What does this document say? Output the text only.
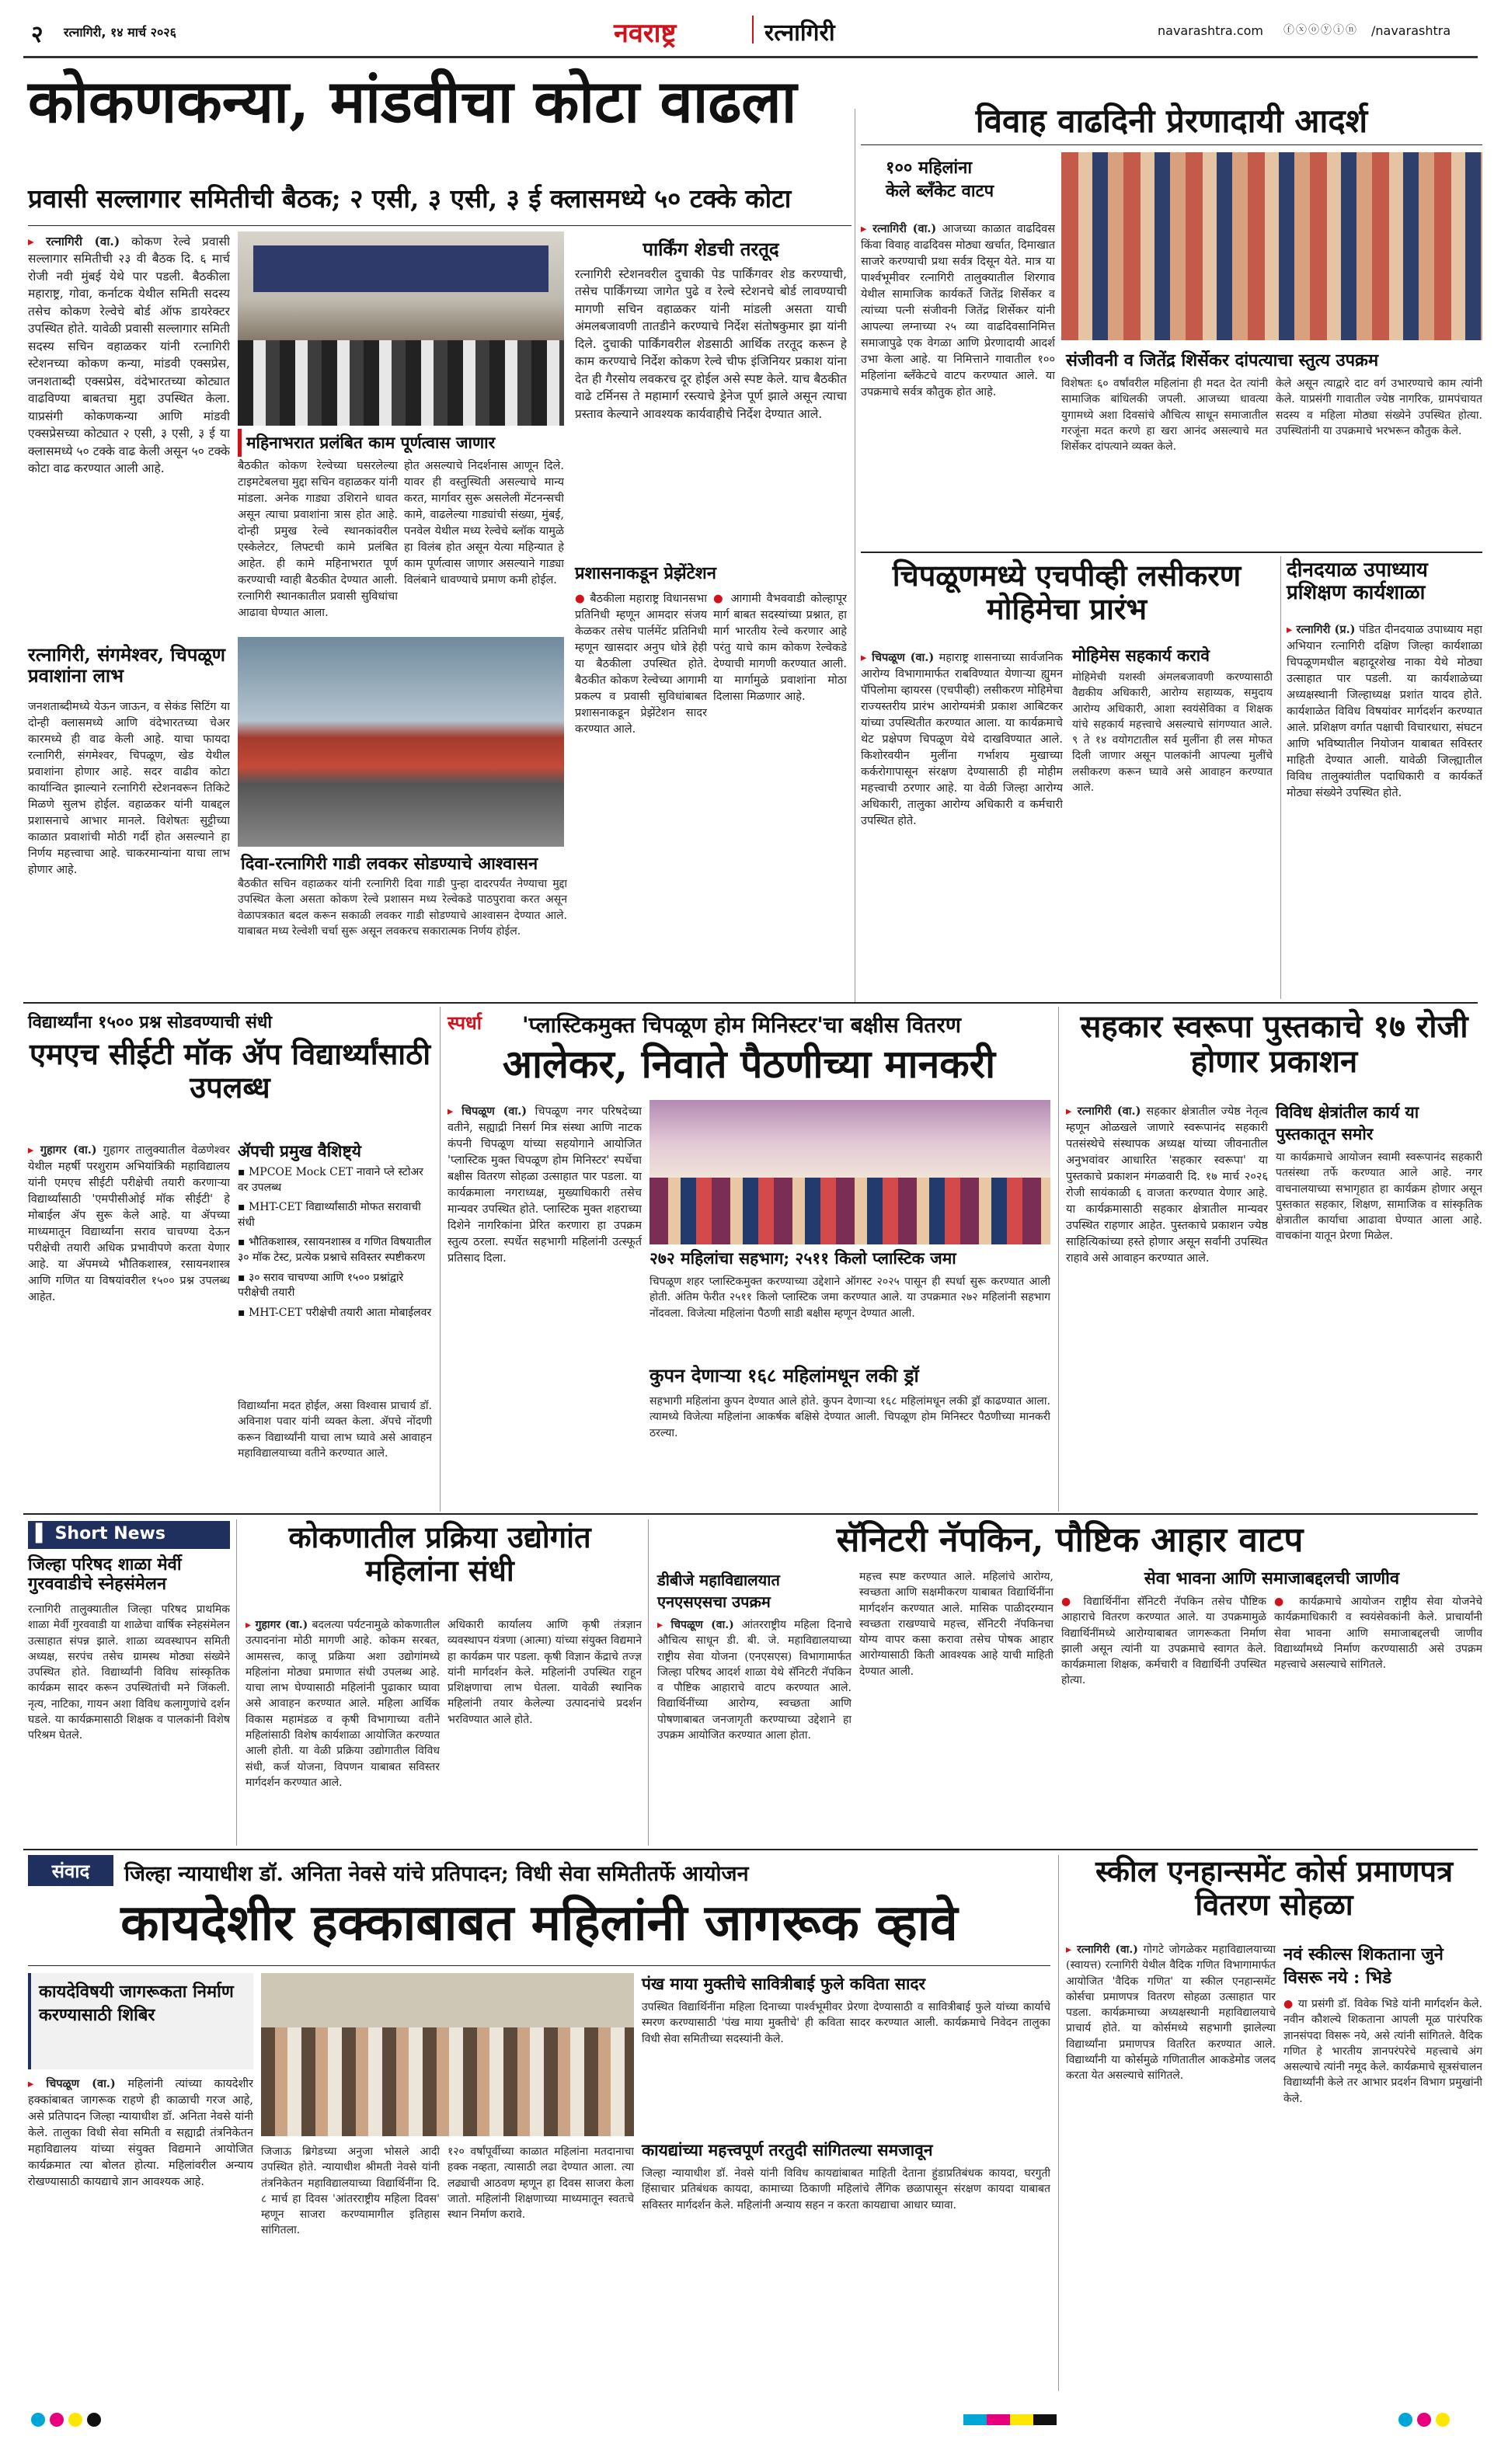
२ रत्नागिरी, १४ मार्च २०२६	नवराष्ट्र	रत्नागिरी	navarashtra.com ⓕⓧⓞⓨⓘⓝ /navarashtra
कोकणकन्या, मांडवीचा कोटा वाढला
प्रवासी सल्लागार समितीची बैठक; २ एसी, ३ एसी, ३ ई क्लासमध्ये ५० टक्के कोटा
▸ रत्नागिरी (वा.) कोकण रेल्वे प्रवासी सल्लागार समितीची २३ वी बैठक दि. ६ मार्च रोजी नवी मुंबई येथे पार पडली. बैठकीला महाराष्ट्र, गोवा, कर्नाटक येथील समिती सदस्य तसेच कोकण रेल्वेचे बोर्ड ऑफ डायरेक्टर उपस्थित होते. यावेळी प्रवासी सल्लागार समिती सदस्य सचिन वहाळकर यांनी रत्नागिरी स्टेशनच्या कोकण कन्या, मांडवी एक्सप्रेस, जनशताब्दी एक्सप्रेस, वंदेभारतच्या कोट्यात वाढविण्या बाबतचा मुद्दा उपस्थित केला. याप्रसंगी कोकणकन्या आणि मांडवी एक्सप्रेसच्या कोट्यात २ एसी, ३ एसी, ३ ई या क्लासमध्ये ५० टक्के वाढ केली असून ५० टक्के कोटा वाढ करण्यात आली आहे.
महिनाभरात प्रलंबित काम पूर्णत्वास जाणार
बैठकीत कोकण रेल्वेच्या घसरलेल्या टाइमटेबलचा मुद्दा सचिन वहाळकर यांनी मांडला. अनेक गाड्या उशिराने धावत असून त्याचा प्रवाशांना त्रास होत आहे. दोन्ही प्रमुख रेल्वे स्थानकांवरील एस्केलेटर, लिफ्टची कामे प्रलंबित आहेत. ही कामे महिनाभरात पूर्ण करण्याची ग्वाही बैठकीत देण्यात आली. रत्नागिरी स्थानकातील प्रवासी सुविधांचा आढावा घेण्यात आला.
होत असल्याचे निदर्शनास आणून दिले. यावर ही वस्तुस्थिती असल्याचे मान्य करत, मार्गावर सुरू असलेली मेंटनन्सची कामे, वाढलेल्या गाड्यांची संख्या, मुंबई, पनवेल येथील मध्य रेल्वेचे ब्लॉक यामुळे हा विलंब होत असून येत्या महिन्यात हे काम पूर्णत्वास जाणार असल्याने गाड्या विलंबाने धावण्याचे प्रमाण कमी होईल.
पार्किंग शेडची तरतूद
रत्नागिरी स्टेशनवरील दुचाकी पेड पार्किंगवर शेड करण्याची, तसेच पार्किंगच्या जागेत पुढे व रेल्वे स्टेशनचे बोर्ड लावण्याची मागणी सचिन वहाळकर यांनी मांडली असता याची अंमलबजावणी तातडीने करण्याचे निर्देश संतोषकुमार झा यांनी दिले. दुचाकी पार्किंगवरील शेडसाठी आर्थिक तरतूद करून हे काम करण्याचे निर्देश कोकण रेल्वे चीफ इंजिनियर प्रकाश यांना देत ही गैरसोय लवकरच दूर होईल असे स्पष्ट केले. याच बैठकीत वाढे टर्मिनस ते महामार्ग रस्त्याचे ड्रेनेज पूर्ण झाले असून त्याचा प्रस्ताव केल्याने आवश्यक कार्यवाहीचे निर्देश देण्यात आले.
प्रशासनाकडून प्रेझेंटेशन
● बैठकीला महाराष्ट्र विधानसभा प्रतिनिधी म्हणून आमदार संजय केळकर तसेच पार्लमेंट प्रतिनिधी म्हणून खासदार अनुप धोत्रे हेही या बैठकीला उपस्थित होते. बैठकीत कोकण रेल्वेच्या आगामी प्रकल्प व प्रवासी सुविधांबाबत प्रशासनाकडून प्रेझेंटेशन सादर करण्यात आले.
● आगामी वैभववाडी कोल्हापूर मार्ग बाबत सदस्यांच्या प्रश्नात, हा मार्ग भारतीय रेल्वे करणार आहे परंतु याचे काम कोकण रेल्वेकडे देण्याची मागणी करण्यात आली. या मार्गामुळे प्रवाशांना मोठा दिलासा मिळणार आहे.
दिवा-रत्नागिरी गाडी लवकर सोडण्याचे आश्वासन
बैठकीत सचिन वहाळकर यांनी रत्नागिरी दिवा गाडी पुन्हा दादरपर्यंत नेण्याचा मुद्दा उपस्थित केला असता कोकण रेल्वे प्रशासन मध्य रेल्वेकडे पाठपुरावा करत असून वेळापत्रकात बदल करून सकाळी लवकर गाडी सोडण्याचे आश्वासन देण्यात आले. याबाबत मध्य रेल्वेशी चर्चा सुरू असून लवकरच सकारात्मक निर्णय होईल.
रत्नागिरी, संगमेश्वर, चिपळूण प्रवाशांना लाभ
जनशताब्दीमध्ये येऊन जाऊन, व सेकंड सिटिंग या दोन्ही क्लासमध्ये आणि वंदेभारतच्या चेअर कारमध्ये ही वाढ केली आहे. याचा फायदा रत्नागिरी, संगमेश्वर, चिपळूण, खेड येथील प्रवाशांना होणार आहे. सदर वाढीव कोटा कार्यान्वित झाल्याने रत्नागिरी स्टेशनवरून तिकिटे मिळणे सुलभ होईल. वहाळकर यांनी याबद्दल प्रशासनाचे आभार मानले. विशेषतः सुट्टीच्या काळात प्रवाशांची मोठी गर्दी होत असल्याने हा निर्णय महत्त्वाचा आहे. चाकरमान्यांना याचा लाभ होणार आहे.
विवाह वाढदिनी प्रेरणादायी आदर्श
१०० महिलांना
केले ब्लँकेट वाटप
▸ रत्नागिरी (वा.) आजच्या काळात वाढदिवस किंवा विवाह वाढदिवस मोठ्या खर्चात, दिमाखात साजरे करण्याची प्रथा सर्वत्र दिसून येते. मात्र या पार्श्वभूमीवर रत्नागिरी तालुक्यातील शिरगाव येथील सामाजिक कार्यकर्ते जितेंद्र शिर्सेकर व त्यांच्या पत्नी संजीवनी जितेंद्र शिर्सेकर यांनी आपल्या लग्नाच्या २५ व्या वाढदिवसानिमित्त समाजापुढे एक वेगळा आणि प्रेरणादायी आदर्श उभा केला आहे. या निमित्ताने गावातील १०० महिलांना ब्लँकेटचे वाटप करण्यात आले. या उपक्रमाचे सर्वत्र कौतुक होत आहे.
संजीवनी व जितेंद्र शिर्सेकर दांपत्याचा स्तुत्य उपक्रम
विशेषतः ६० वर्षांवरील महिलांना ही मदत देत त्यांनी सामाजिक बांधिलकी जपली. आजच्या धावत्या युगामध्ये अशा दिवसांचे औचित्य साधून समाजातील गरजूंना मदत करणे हा खरा आनंद असल्याचे मत शिर्सेकर दांपत्याने व्यक्त केले.
केले असून त्याद्वारे दाट वर्ग उभारण्याचे काम त्यांनी केले. याप्रसंगी गावातील ज्येष्ठ नागरिक, ग्रामपंचायत सदस्य व महिला मोठ्या संख्येने उपस्थित होत्या. उपस्थितांनी या उपक्रमाचे भरभरून कौतुक केले.
चिपळूणमध्ये एचपीव्ही लसीकरण मोहिमेचा प्रारंभ
▸ चिपळूण (वा.) महाराष्ट्र शासनाच्या सार्वजनिक आरोग्य विभागामार्फत राबविण्यात येणाऱ्या ह्युमन पॅपिलोमा व्हायरस (एचपीव्ही) लसीकरण मोहिमेचा राज्यस्तरीय प्रारंभ आरोग्यमंत्री प्रकाश आबिटकर यांच्या उपस्थितीत करण्यात आला. या कार्यक्रमाचे थेट प्रक्षेपण चिपळूण येथे दाखविण्यात आले. किशोरवयीन मुलींना गर्भाशय मुखाच्या कर्करोगापासून संरक्षण देण्यासाठी ही मोहीम महत्त्वाची ठरणार आहे. या वेळी जिल्हा आरोग्य अधिकारी, तालुका आरोग्य अधिकारी व कर्मचारी उपस्थित होते.
मोहिमेस सहकार्य करावे
मोहिमेची यशस्वी अंमलबजावणी करण्यासाठी वैद्यकीय अधिकारी, आरोग्य सहाय्यक, समुदाय आरोग्य अधिकारी, आशा स्वयंसेविका व शिक्षक यांचे सहकार्य महत्त्वाचे असल्याचे सांगण्यात आले. ९ ते १४ वयोगटातील सर्व मुलींना ही लस मोफत दिली जाणार असून पालकांनी आपल्या मुलींचे लसीकरण करून घ्यावे असे आवाहन करण्यात आले.
दीनदयाळ उपाध्याय प्रशिक्षण कार्यशाळा
▸ रत्नागिरी (प्र.) पंडित दीनदयाळ उपाध्याय महा अभियान रत्नागिरी दक्षिण जिल्हा कार्यशाळा चिपळूणमधील बहादूरशेख नाका येथे मोठ्या उत्साहात पार पडली. या कार्यशाळेच्या अध्यक्षस्थानी जिल्हाध्यक्ष प्रशांत यादव होते. कार्यशाळेत विविध विषयांवर मार्गदर्शन करण्यात आले. प्रशिक्षण वर्गात पक्षाची विचारधारा, संघटन आणि भविष्यातील नियोजन याबाबत सविस्तर माहिती देण्यात आली. यावेळी जिल्ह्यातील विविध तालुक्यांतील पदाधिकारी व कार्यकर्ते मोठ्या संख्येने उपस्थित होते.
विद्यार्थ्यांना १५०० प्रश्न सोडवण्याची संधी
एमएच सीईटी मॉक ॲप विद्यार्थ्यांसाठी उपलब्ध
▸ गुहागर (वा.) गुहागर तालुक्यातील वेळणेश्वर येथील महर्षी परशुराम अभियांत्रिकी महाविद्यालय यांनी एमएच सीईटी परीक्षेची तयारी करणाऱ्या विद्यार्थ्यांसाठी 'एमपीसीओई मॉक सीईटी' हे मोबाईल ॲप सुरू केले आहे. या ॲपच्या माध्यमातून विद्यार्थ्यांना सराव चाचण्या देऊन परीक्षेची तयारी अधिक प्रभावीपणे करता येणार आहे. या ॲपमध्ये भौतिकशास्त्र, रसायनशास्त्र आणि गणित या विषयांवरील १५०० प्रश्न उपलब्ध आहेत.
ॲपची प्रमुख वैशिष्ट्ये
▪ MPCOE Mock CET नावाने प्ले स्टोअर वर उपलब्ध
▪ MHT-CET विद्यार्थ्यांसाठी मोफत सरावाची संधी
▪ भौतिकशास्त्र, रसायनशास्त्र व गणित विषयातील ३० मॉक टेस्ट, प्रत्येक प्रश्नाचे सविस्तर स्पष्टीकरण
▪ ३० सराव चाचण्या आणि १५०० प्रश्नांद्वारे परीक्षेची तयारी
▪ MHT-CET परीक्षेची तयारी आता मोबाईलवर
विद्यार्थ्यांना मदत होईल, असा विश्वास प्राचार्य डॉ. अविनाश पवार यांनी व्यक्त केला. ॲपचे नोंदणी करून विद्यार्थ्यांनी याचा लाभ घ्यावे असे आवाहन महाविद्यालयाच्या वतीने करण्यात आले.
स्पर्धा 'प्लास्टिकमुक्त चिपळूण होम मिनिस्टर'चा बक्षीस वितरण
आलेकर, निवाते पैठणीच्या मानकरी
▸ चिपळूण (वा.) चिपळूण नगर परिषदेच्या वतीने, सह्याद्री निसर्ग मित्र संस्था आणि नाटक कंपनी चिपळूण यांच्या सहयोगाने आयोजित 'प्लास्टिक मुक्त चिपळूण होम मिनिस्टर' स्पर्धेचा बक्षीस वितरण सोहळा उत्साहात पार पडला. या कार्यक्रमाला नगराध्यक्ष, मुख्याधिकारी तसेच मान्यवर उपस्थित होते. प्लास्टिक मुक्त शहराच्या दिशेने नागरिकांना प्रेरित करणारा हा उपक्रम स्तुत्य ठरला. स्पर्धेत सहभागी महिलांनी उत्स्फूर्त प्रतिसाद दिला.	२७२ महिलांचा सहभाग; २५११ किलो प्लास्टिक जमा
चिपळूण शहर प्लास्टिकमुक्त करण्याच्या उद्देशाने ऑगस्ट २०२५ पासून ही स्पर्धा सुरू करण्यात आली होती. अंतिम फेरीत २५११ किलो प्लास्टिक जमा करण्यात आले. या उपक्रमात २७२ महिलांनी सहभाग नोंदवला. विजेत्या महिलांना पैठणी साडी बक्षीस म्हणून देण्यात आली.
कुपन देणाऱ्या १६८ महिलांमधून लकी ड्रॉ
सहभागी महिलांना कुपन देण्यात आले होते. कुपन देणाऱ्या १६८ महिलांमधून लकी ड्रॉ काढण्यात आला. त्यामध्ये विजेत्या महिलांना आकर्षक बक्षिसे देण्यात आली. चिपळूण होम मिनिस्टर पैठणीच्या मानकरी ठरल्या.
सहकार स्वरूपा पुस्तकाचे १७ रोजी होणार प्रकाशन
▸ रत्नागिरी (वा.) सहकार क्षेत्रातील ज्येष्ठ नेतृत्व म्हणून ओळखले जाणारे स्वरूपानंद सहकारी पतसंस्थेचे संस्थापक अध्यक्ष यांच्या जीवनातील अनुभवांवर आधारित 'सहकार स्वरूपा' या पुस्तकाचे प्रकाशन मंगळवारी दि. १७ मार्च २०२६ रोजी सायंकाळी ६ वाजता करण्यात येणार आहे. या कार्यक्रमासाठी सहकार क्षेत्रातील मान्यवर उपस्थित राहणार आहेत. पुस्तकाचे प्रकाशन ज्येष्ठ साहित्यिकांच्या हस्ते होणार असून सर्वांनी उपस्थित राहावे असे आवाहन करण्यात आले.
विविध क्षेत्रांतील कार्य या पुस्तकातून समोर
या कार्यक्रमाचे आयोजन स्वामी स्वरूपानंद सहकारी पतसंस्था तर्फे करण्यात आले आहे. नगर वाचनालयाच्या सभागृहात हा कार्यक्रम होणार असून पुस्तकात सहकार, शिक्षण, सामाजिक व सांस्कृतिक क्षेत्रातील कार्याचा आढावा घेण्यात आला आहे. वाचकांना यातून प्रेरणा मिळेल.
▌ Short News
जिल्हा परिषद शाळा मेर्वी गुरववाडीचे स्नेहसंमेलन
रत्नागिरी तालुक्यातील जिल्हा परिषद प्राथमिक शाळा मेर्वी गुरववाडी या शाळेचा वार्षिक स्नेहसंमेलन उत्साहात संपन्न झाले. शाळा व्यवस्थापन समिती अध्यक्ष, सरपंच तसेच ग्रामस्थ मोठ्या संख्येने उपस्थित होते. विद्यार्थ्यांनी विविध सांस्कृतिक कार्यक्रम सादर करून उपस्थितांची मने जिंकली. नृत्य, नाटिका, गायन अशा विविध कलागुणांचे दर्शन घडले. या कार्यक्रमासाठी शिक्षक व पालकांनी विशेष परिश्रम घेतले.
कोकणातील प्रक्रिया उद्योगांत महिलांना संधी
▸ गुहागर (वा.) बदलत्या पर्यटनामुळे कोकणातील उत्पादनांना मोठी मागणी आहे. कोकम सरबत, आमसत्त्व, काजू प्रक्रिया अशा उद्योगांमध्ये महिलांना मोठ्या प्रमाणात संधी उपलब्ध आहे. याचा लाभ घेण्यासाठी महिलांनी पुढाकार घ्यावा असे आवाहन करण्यात आले. महिला आर्थिक विकास महामंडळ व कृषी विभागाच्या वतीने महिलांसाठी विशेष कार्यशाळा आयोजित करण्यात आली होती. या वेळी प्रक्रिया उद्योगातील विविध संधी, कर्ज योजना, विपणन याबाबत सविस्तर मार्गदर्शन करण्यात आले.
अधिकारी कार्यालय आणि कृषी तंत्रज्ञान व्यवस्थापन यंत्रणा (आत्मा) यांच्या संयुक्त विद्यमाने हा कार्यक्रम पार पडला. कृषी विज्ञान केंद्राचे तज्ज्ञ यांनी मार्गदर्शन केले. महिलांनी उपस्थित राहून प्रशिक्षणाचा लाभ घेतला. यावेळी स्थानिक महिलांनी तयार केलेल्या उत्पादनांचे प्रदर्शन भरविण्यात आले होते.
सॅनिटरी नॅपकिन, पौष्टिक आहार वाटप
डीबीजे महाविद्यालयात
एनएसएसचा उपक्रम
▸ चिपळूण (वा.) आंतरराष्ट्रीय महिला दिनाचे औचित्य साधून डी. बी. जे. महाविद्यालयाच्या राष्ट्रीय सेवा योजना (एनएसएस) विभागामार्फत जिल्हा परिषद आदर्श शाळा येथे सॅनिटरी नॅपकिन व पौष्टिक आहाराचे वाटप करण्यात आले. विद्यार्थिनींच्या आरोग्य, स्वच्छता आणि पोषणाबाबत जनजागृती करण्याच्या उद्देशाने हा उपक्रम आयोजित करण्यात आला होता.
महत्त्व स्पष्ट करण्यात आले. महिलांचे आरोग्य, स्वच्छता आणि सक्षमीकरण याबाबत विद्यार्थिनींना मार्गदर्शन करण्यात आले. मासिक पाळीदरम्यान स्वच्छता राखण्याचे महत्त्व, सॅनिटरी नॅपकिनचा योग्य वापर कसा करावा तसेच पोषक आहार आरोग्यासाठी किती आवश्यक आहे याची माहिती देण्यात आली.
सेवा भावना आणि समाजाबद्दलची जाणीव
● विद्यार्थिनींना सॅनिटरी नॅपकिन तसेच पौष्टिक आहाराचे वितरण करण्यात आले. या उपक्रमामुळे विद्यार्थिनींमध्ये आरोग्याबाबत जागरूकता निर्माण झाली असून त्यांनी या उपक्रमाचे स्वागत केले. कार्यक्रमाला शिक्षक, कर्मचारी व विद्यार्थिनी उपस्थित होत्या.
● कार्यक्रमाचे आयोजन राष्ट्रीय सेवा योजनेचे कार्यक्रमाधिकारी व स्वयंसेवकांनी केले. प्राचार्यांनी सेवा भावना आणि समाजाबद्दलची जाणीव विद्यार्थ्यांमध्ये निर्माण करण्यासाठी असे उपक्रम महत्त्वाचे असल्याचे सांगितले.
संवाद	जिल्हा न्यायाधीश डॉ. अनिता नेवसे यांचे प्रतिपादन; विधी सेवा समितीतर्फे आयोजन
कायदेशीर हक्काबाबत महिलांनी जागरूक व्हावे
कायदेविषयी जागरूकता निर्माण करण्यासाठी शिबिर
▸ चिपळूण (वा.) महिलांनी त्यांच्या कायदेशीर हक्कांबाबत जागरूक राहणे ही काळाची गरज आहे, असे प्रतिपादन जिल्हा न्यायाधीश डॉ. अनिता नेवसे यांनी केले. तालुका विधी सेवा समिती व सह्याद्री तंत्रनिकेतन महाविद्यालय यांच्या संयुक्त विद्यमाने आयोजित कार्यक्रमात त्या बोलत होत्या. महिलांवरील अन्याय रोखण्यासाठी कायद्याचे ज्ञान आवश्यक आहे.
पंख माया मुक्तीचे सावित्रीबाई फुले कविता सादर
उपस्थित विद्यार्थिनींना महिला दिनाच्या पार्श्वभूमीवर प्रेरणा देण्यासाठी व सावित्रीबाई फुले यांच्या कार्याचे स्मरण करण्यासाठी 'पंख माया मुक्तीचे' ही कविता सादर करण्यात आली. कार्यक्रमाचे निवेदन तालुका विधी सेवा समितीच्या सदस्यांनी केले.
कायद्यांच्या महत्त्वपूर्ण तरतुदी सांगितल्या समजावून
जिल्हा न्यायाधीश डॉ. नेवसे यांनी विविध कायद्यांबाबत माहिती देताना हुंडाप्रतिबंधक कायदा, घरगुती हिंसाचार प्रतिबंधक कायदा, कामाच्या ठिकाणी महिलांचे लैंगिक छळापासून संरक्षण कायदा याबाबत सविस्तर मार्गदर्शन केले. महिलांनी अन्याय सहन न करता कायद्याचा आधार घ्यावा.
जिजाऊ ब्रिगेडच्या अनुजा भोसले आदी उपस्थित होते. न्यायाधीश श्रीमती नेवसे यांनी तंत्रनिकेतन महाविद्यालयाच्या विद्यार्थिनींना दि. ८ मार्च हा दिवस 'आंतरराष्ट्रीय महिला दिवस' म्हणून साजरा करण्यामागील इतिहास सांगितला.
१२० वर्षांपूर्वीच्या काळात महिलांना मतदानाचा हक्क नव्हता, त्यासाठी लढा देण्यात आला. त्या लढ्याची आठवण म्हणून हा दिवस साजरा केला जातो. महिलांनी शिक्षणाच्या माध्यमातून स्वतःचे स्थान निर्माण करावे.
स्कील एनहान्समेंट कोर्स प्रमाणपत्र वितरण सोहळा
▸ रत्नागिरी (वा.) गोगटे जोगळेकर महाविद्यालयाच्या (स्वायत्त) रत्नागिरी येथील वैदिक गणित विभागामार्फत आयोजित 'वैदिक गणित' या स्कील एनहान्समेंट कोर्सचा प्रमाणपत्र वितरण सोहळा उत्साहात पार पडला. कार्यक्रमाच्या अध्यक्षस्थानी महाविद्यालयाचे प्राचार्य होते. या कोर्समध्ये सहभागी झालेल्या विद्यार्थ्यांना प्रमाणपत्र वितरित करण्यात आले. विद्यार्थ्यांनी या कोर्समुळे गणितातील आकडेमोड जलद करता येत असल्याचे सांगितले.
नवं स्कील्स शिकताना जुने विसरू नये : भिडे
● या प्रसंगी डॉ. विवेक भिडे यांनी मार्गदर्शन केले. नवीन कौशल्ये शिकताना आपली मूळ पारंपरिक ज्ञानसंपदा विसरू नये, असे त्यांनी सांगितले. वैदिक गणित हे भारतीय ज्ञानपरंपरेचे महत्त्वाचे अंग असल्याचे त्यांनी नमूद केले. कार्यक्रमाचे सूत्रसंचालन विद्यार्थ्यांनी केले तर आभार प्रदर्शन विभाग प्रमुखांनी केले.
